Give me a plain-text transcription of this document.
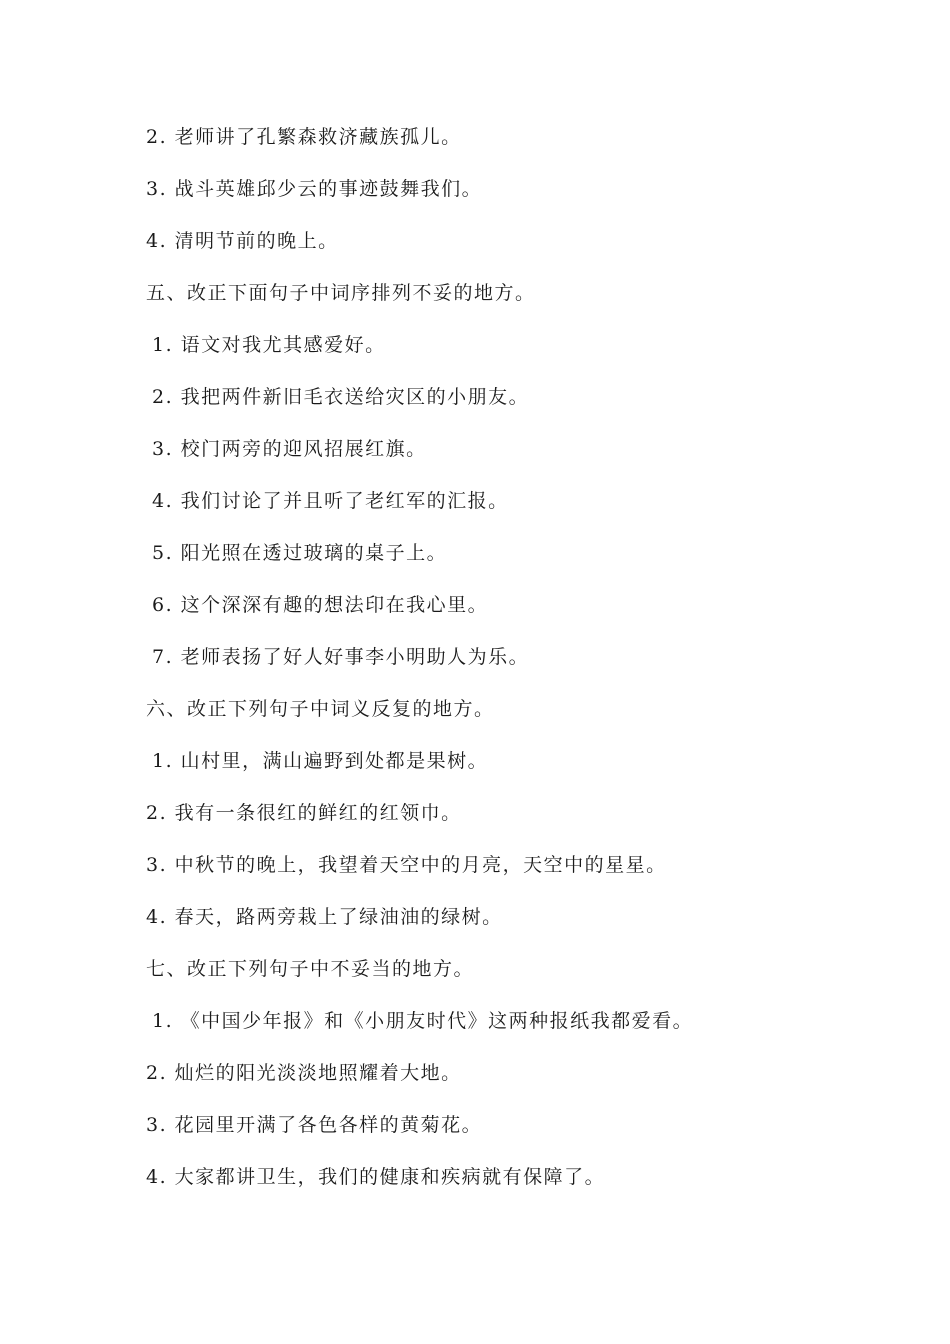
2. 老师讲了孔繁森救济藏族孤儿。
3. 战斗英雄邱少云的事迹鼓舞我们。
4. 清明节前的晚上。
五、改正下面句子中词序排列不妥的地方。
1. 语文对我尤其感爱好。
2. 我把两件新旧毛衣送给灾区的小朋友。
3. 校门两旁的迎风招展红旗。
4. 我们讨论了并且听了老红军的汇报。
5. 阳光照在透过玻璃的桌子上。
6. 这个深深有趣的想法印在我心里。
7. 老师表扬了好人好事李小明助人为乐。
六、改正下列句子中词义反复的地方。
1. 山村里，满山遍野到处都是果树。
2. 我有一条很红的鲜红的红领巾。
3. 中秋节的晚上，我望着天空中的月亮，天空中的星星。
4. 春天，路两旁栽上了绿油油的绿树。
七、改正下列句子中不妥当的地方。
1. 《中国少年报》和《小朋友时代》这两种报纸我都爱看。
2. 灿烂的阳光淡淡地照耀着大地。
3. 花园里开满了各色各样的黄菊花。
4. 大家都讲卫生，我们的健康和疾病就有保障了。
